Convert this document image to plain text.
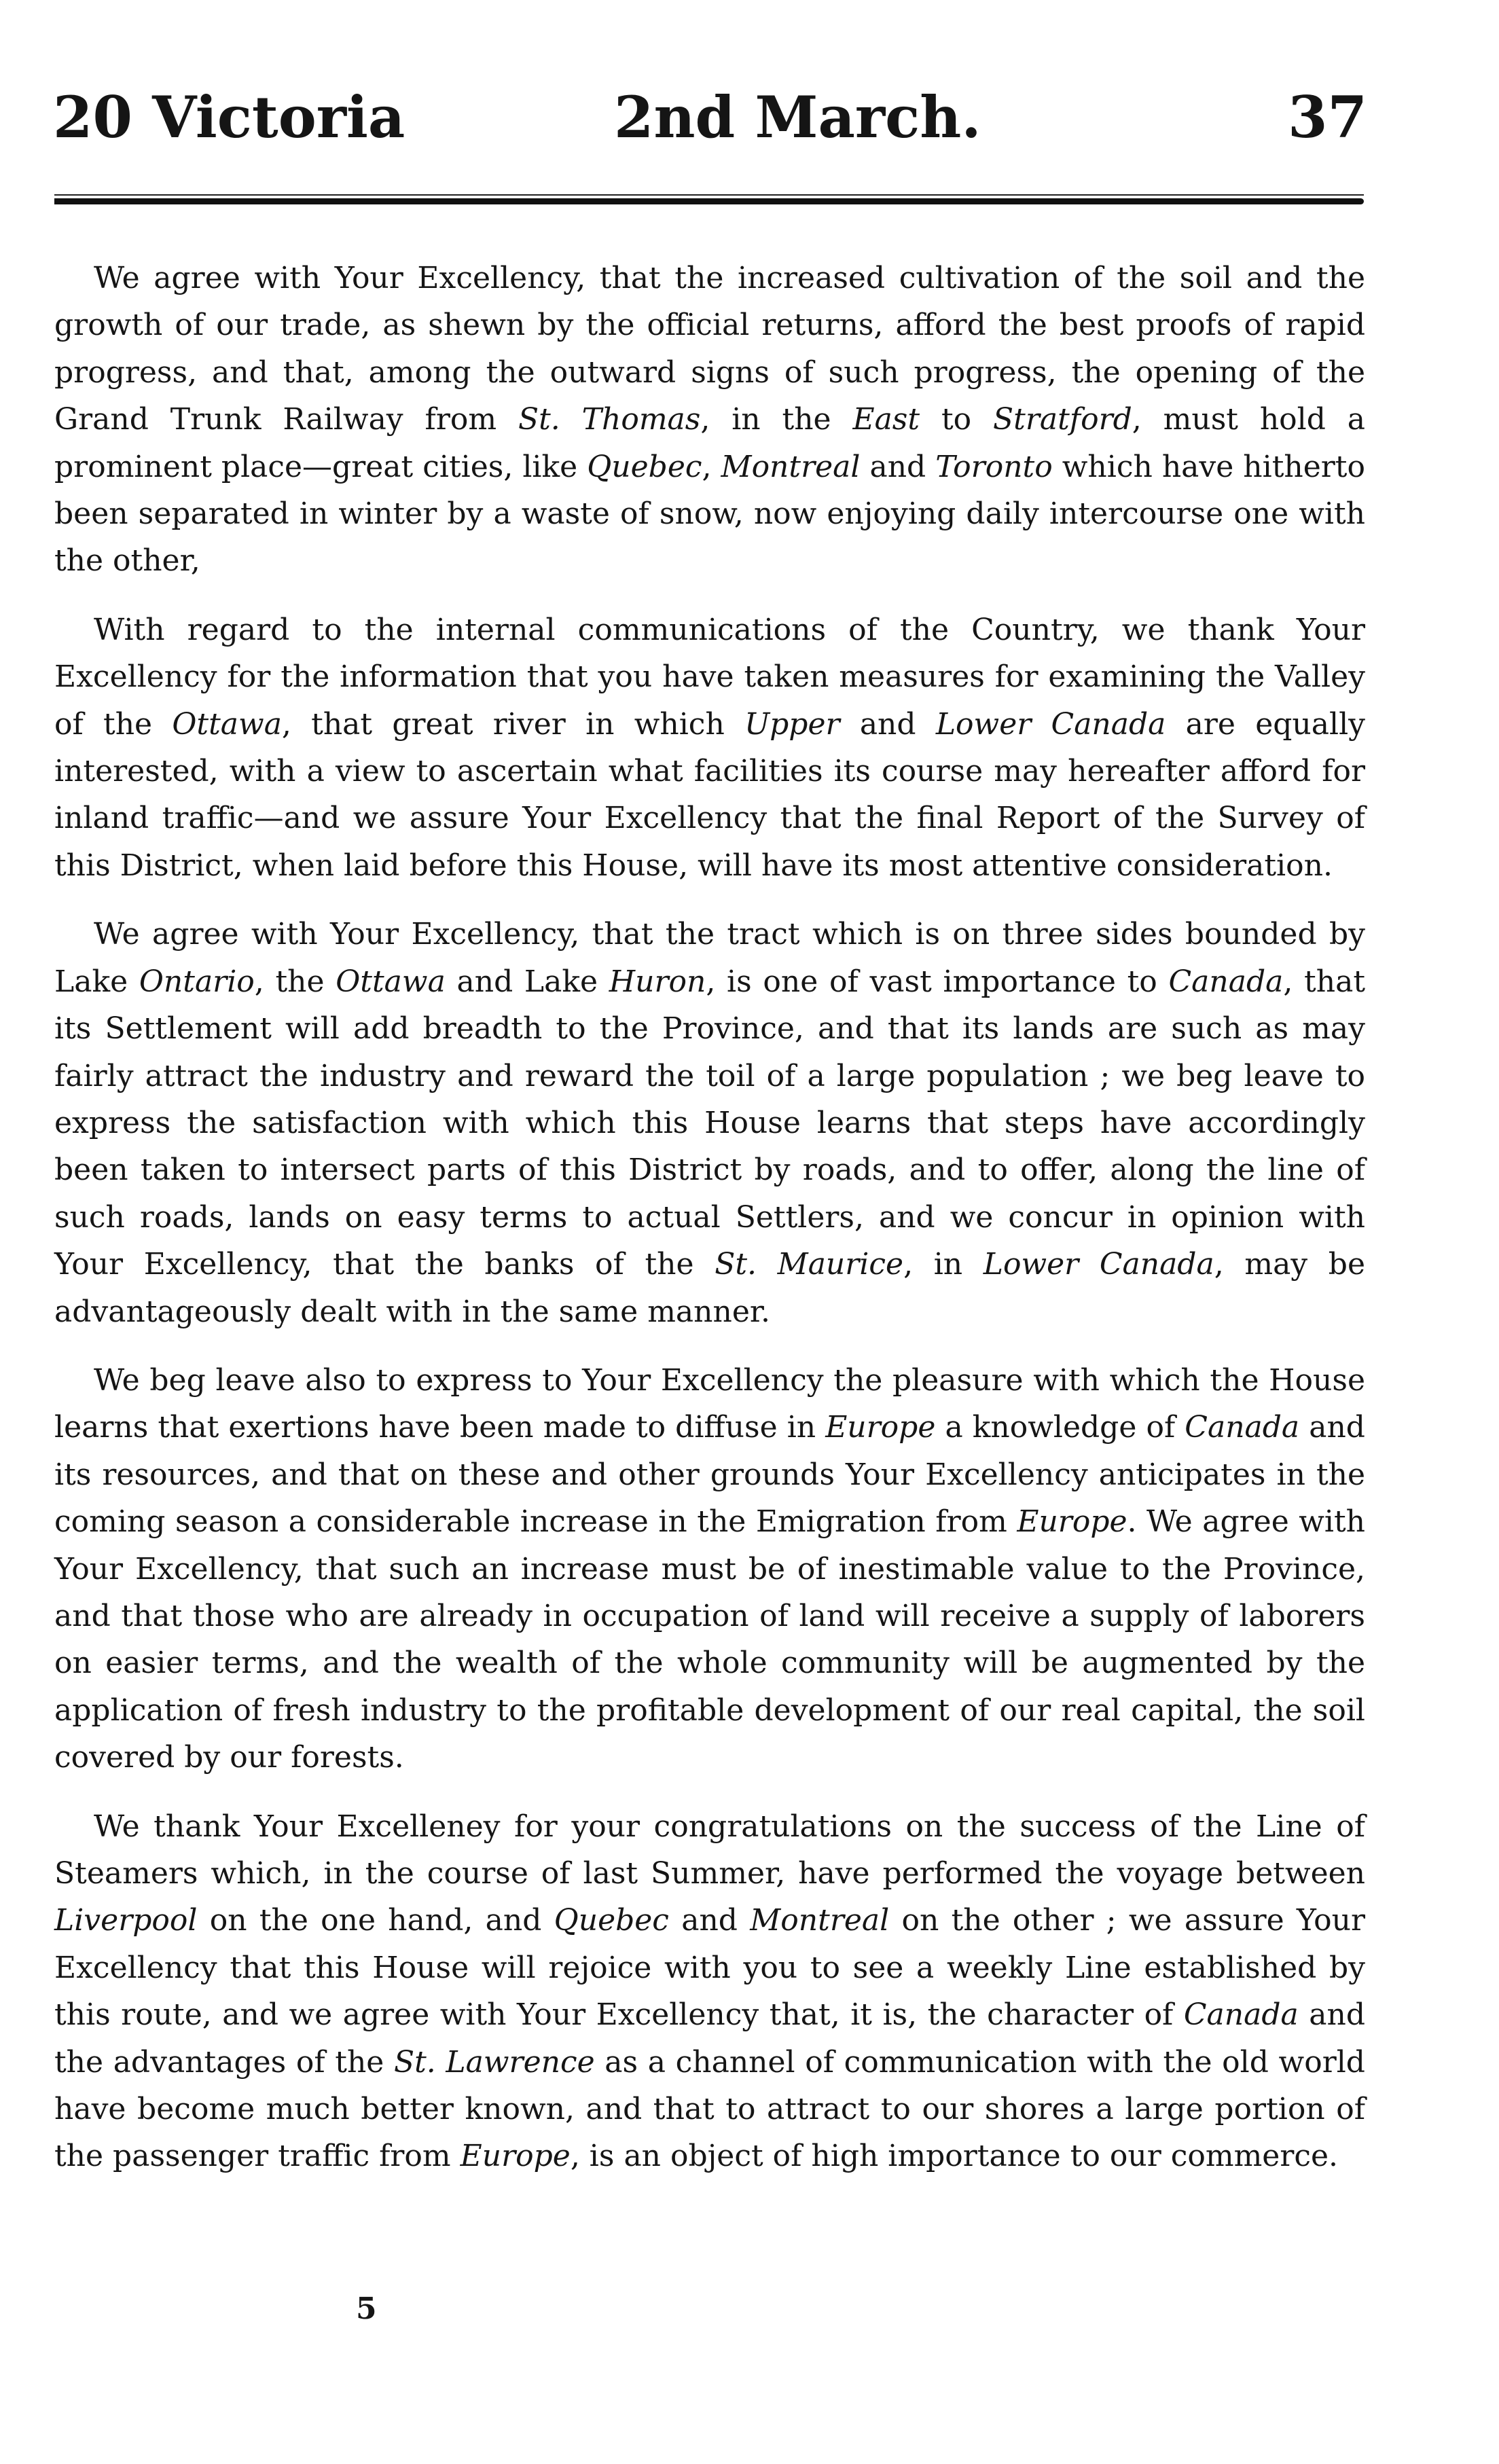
20 Victoria	2nd March.	37

We agree with Your Excellency, that the increased cultivation of the soil and the growth of our trade, as shewn by the official returns, afford the best proofs of rapid progress, and that, among the outward signs of such progress, the opening of the Grand Trunk Railway from St. Thomas, in the East to Stratford, must hold a prominent place—great cities, like Quebec, Montreal and Toronto which have hitherto been separated in winter by a waste of snow, now enjoying daily intercourse one with the other,

With regard to the internal communications of the Country, we thank Your Excellency for the information that you have taken measures for examining the Valley of the Ottawa, that great river in which Upper and Lower Canada are equally interested, with a view to ascertain what facilities its course may hereafter afford for inland traffic—and we assure Your Excellency that the final Report of the Survey of this District, when laid before this House, will have its most attentive consideration.

We agree with Your Excellency, that the tract which is on three sides bounded by Lake Ontario, the Ottawa and Lake Huron, is one of vast importance to Canada, that its Settlement will add breadth to the Province, and that its lands are such as may fairly attract the industry and reward the toil of a large population ; we beg leave to express the satisfaction with which this House learns that steps have accordingly been taken to intersect parts of this District by roads, and to offer, along the line of such roads, lands on easy terms to actual Settlers, and we concur in opinion with Your Excellency, that the banks of the St. Maurice, in Lower Canada, may be advantageously dealt with in the same manner.

We beg leave also to express to Your Excellency the pleasure with which the House learns that exertions have been made to diffuse in Europe a knowledge of Canada and its resources, and that on these and other grounds Your Excellency anticipates in the coming season a considerable increase in the Emigration from Europe. We agree with Your Excellency, that such an increase must be of inestimable value to the Province, and that those who are already in occupation of land will receive a supply of laborers on easier terms, and the wealth of the whole community will be augmented by the application of fresh industry to the profitable development of our real capital, the soil covered by our forests.

We thank Your Excelleney for your congratulations on the success of the Line of Steamers which, in the course of last Summer, have performed the voyage between Liverpool on the one hand, and Quebec and Montreal on the other ; we assure Your Excellency that this House will rejoice with you to see a weekly Line established by this route, and we agree with Your Excellency that, it is, the character of Canada and the advantages of the St. Lawrence as a channel of communication with the old world have become much better known, and that to attract to our shores a large portion of the passenger traffic from Europe, is an object of high importance to our commerce.

5
